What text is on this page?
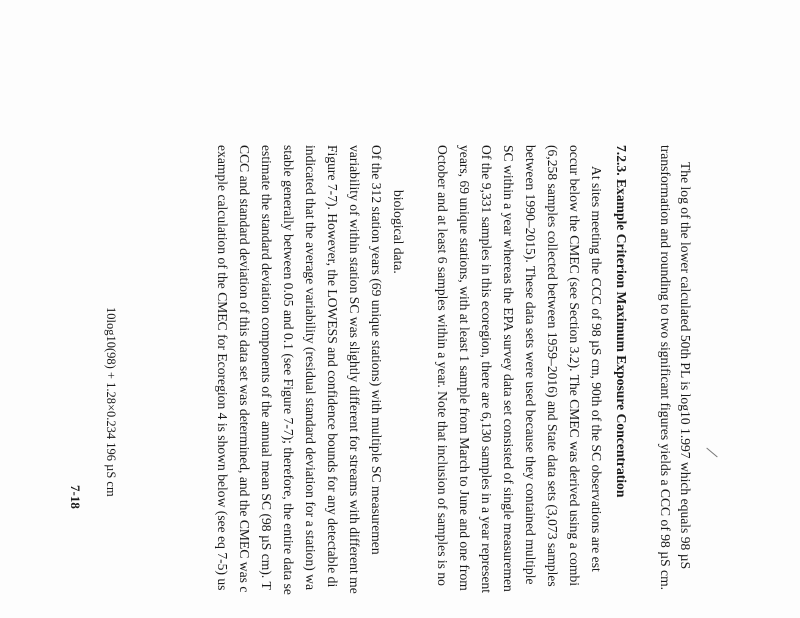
The log of the lower calculated 50th PL is log10 1.997 which equals 98 µS
transformation and rounding to two significant figures yields a CCC of 98 µS cm.
7.2.3. Example Criterion Maximum Exposure Concentration
At sites meeting the CCC of 98 µS cm, 90th of the SC observations are est
occur below the CMEC (see Section 3.2). The CMEC was derived using a combi
(6,258 samples collected between 1959–2016) and State data sets (3,073 samples
between 1990–2015). These data sets were used because they contained multiple
SC within a year whereas the EPA survey data set consisted of single measuremen
Of the 9,331 samples in this ecoregion, there are 6,130 samples in a year represent
years, 69 unique stations, with at least 1 sample from March to June and one from
October and at least 6 samples within a year. Note that inclusion of samples is no
biological data.
Of the 312 station years (69 unique stations) with multiple SC measuremen
variability of within station SC was slightly different for streams with different me
Figure 7-7). However, the LOWESS and confidence bounds for any detectable di
indicated that the average variability (residual standard deviation for a station) wa
stable generally between 0.05 and 0.1 (see Figure 7-7); therefore, the entire data se
estimate the standard deviation components of the annual mean SC (98 µS cm). T
CCC and standard deviation of this data set was determined, and the CMEC was c
example calculation of the CMEC for Ecoregion 4 is shown below (see eq 7-5) us
10log10(98) + 1.28×0.234 196 µS cm
7-18
